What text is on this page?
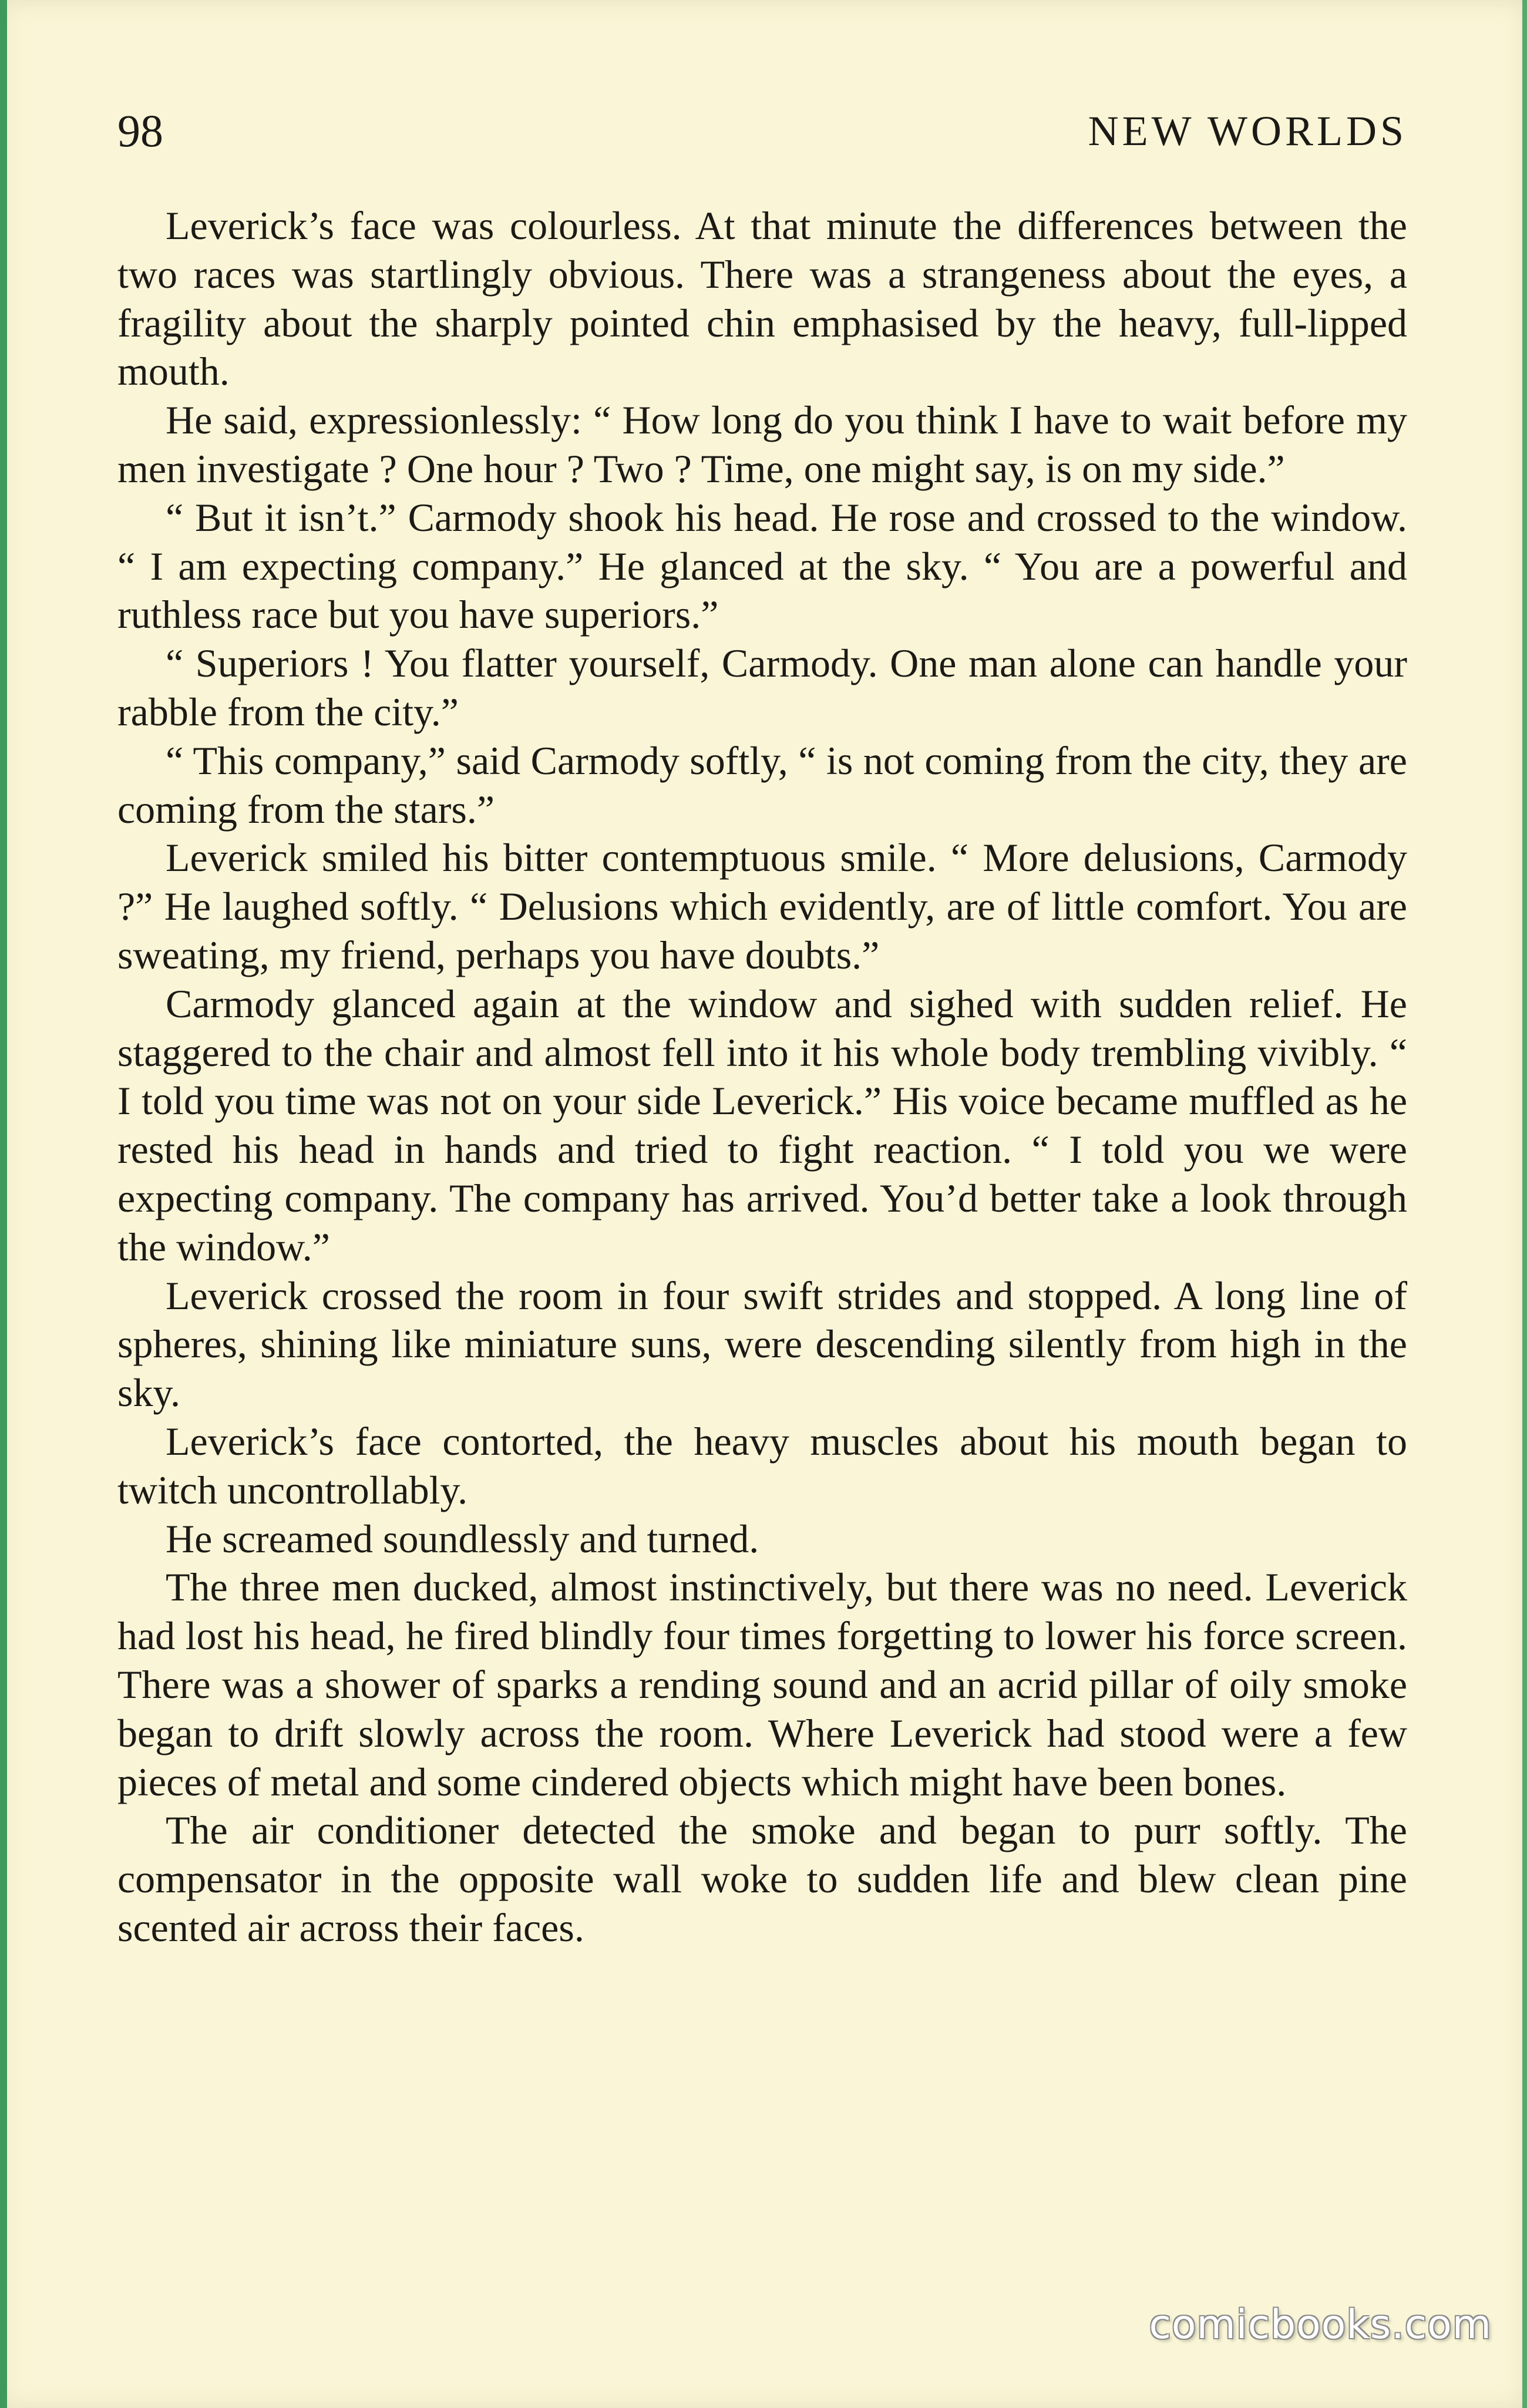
98	NEW WORLDS

Leverick’s face was colourless. At that minute the differences between the two races was startlingly obvious. There was a strangeness about the eyes, a fragility about the sharply pointed chin emphasised by the heavy, full-lipped mouth.

He said, expressionlessly: “ How long do you think I have to wait before my men investigate ? One hour ? Two ? Time, one might say, is on my side.”

“ But it isn’t.” Carmody shook his head. He rose and crossed to the window. “ I am expecting company.” He glanced at the sky. “ You are a powerful and ruthless race but you have superiors.”

“ Superiors ! You flatter yourself, Carmody. One man alone can handle your rabble from the city.”

“ This company,” said Carmody softly, “ is not coming from the city, they are coming from the stars.”

Leverick smiled his bitter contemptuous smile. “ More delusions, Carmody ?” He laughed softly. “ Delusions which evidently, are of little comfort. You are sweating, my friend, perhaps you have doubts.”

Carmody glanced again at the window and sighed with sudden relief. He staggered to the chair and almost fell into it his whole body trembling vivibly. “ I told you time was not on your side Leverick.” His voice became muffled as he rested his head in hands and tried to fight reaction. “ I told you we were expecting company. The company has arrived. You’d better take a look through the window.”

Leverick crossed the room in four swift strides and stopped. A long line of spheres, shining like miniature suns, were descending silently from high in the sky.

Leverick’s face contorted, the heavy muscles about his mouth began to twitch uncontrollably.

He screamed soundlessly and turned.

The three men ducked, almost instinctively, but there was no need. Leverick had lost his head, he fired blindly four times forgetting to lower his force screen. There was a shower of sparks a rending sound and an acrid pillar of oily smoke began to drift slowly across the room. Where Leverick had stood were a few pieces of metal and some cindered objects which might have been bones.

The air conditioner detected the smoke and began to purr softly. The compensator in the opposite wall woke to sudden life and blew clean pine scented air across their faces.

comicbooks.com
